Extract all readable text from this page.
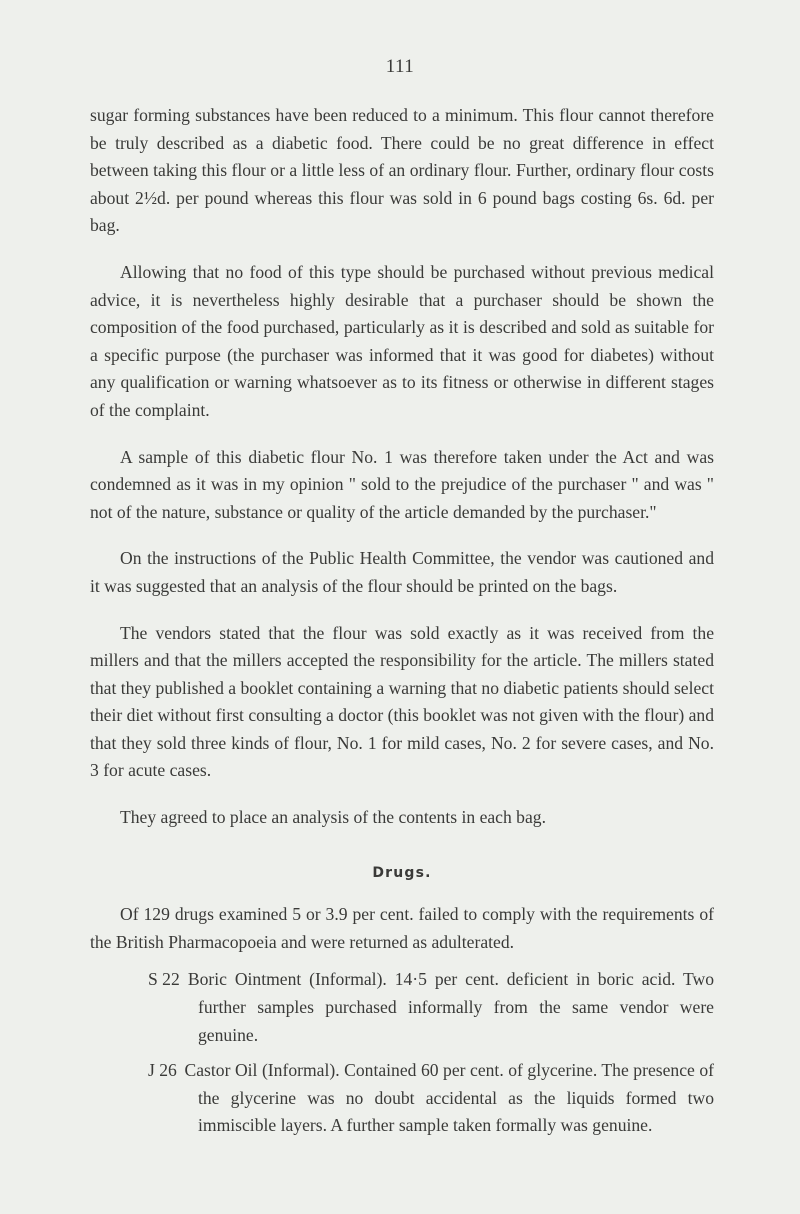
111

sugar forming substances have been reduced to a minimum. This flour cannot therefore be truly described as a diabetic food. There could be no great difference in effect between taking this flour or a little less of an ordinary flour. Further, ordinary flour costs about 2½d. per pound whereas this flour was sold in 6 pound bags costing 6s. 6d. per bag.

Allowing that no food of this type should be purchased without previous medical advice, it is nevertheless highly desirable that a purchaser should be shown the composition of the food purchased, particularly as it is described and sold as suitable for a specific purpose (the purchaser was informed that it was good for diabetes) without any qualification or warning whatsoever as to its fitness or otherwise in different stages of the complaint.

A sample of this diabetic flour No. 1 was therefore taken under the Act and was condemned as it was in my opinion " sold to the prejudice of the purchaser " and was " not of the nature, substance or quality of the article demanded by the purchaser."

On the instructions of the Public Health Committee, the vendor was cautioned and it was suggested that an analysis of the flour should be printed on the bags.

The vendors stated that the flour was sold exactly as it was received from the millers and that the millers accepted the responsibility for the article. The millers stated that they published a booklet containing a warning that no diabetic patients should select their diet without first consulting a doctor (this booklet was not given with the flour) and that they sold three kinds of flour, No. 1 for mild cases, No. 2 for severe cases, and No. 3 for acute cases.

They agreed to place an analysis of the contents in each bag.

Drugs.

Of 129 drugs examined 5 or 3.9 per cent. failed to comply with the requirements of the British Pharmacopoeia and were returned as adulterated.

S 22 Boric Ointment (Informal). 14·5 per cent. deficient in boric acid. Two further samples purchased informally from the same vendor were genuine.

J 26 Castor Oil (Informal). Contained 60 per cent. of glycerine. The presence of the glycerine was no doubt accidental as the liquids formed two immiscible layers. A further sample taken formally was genuine.
